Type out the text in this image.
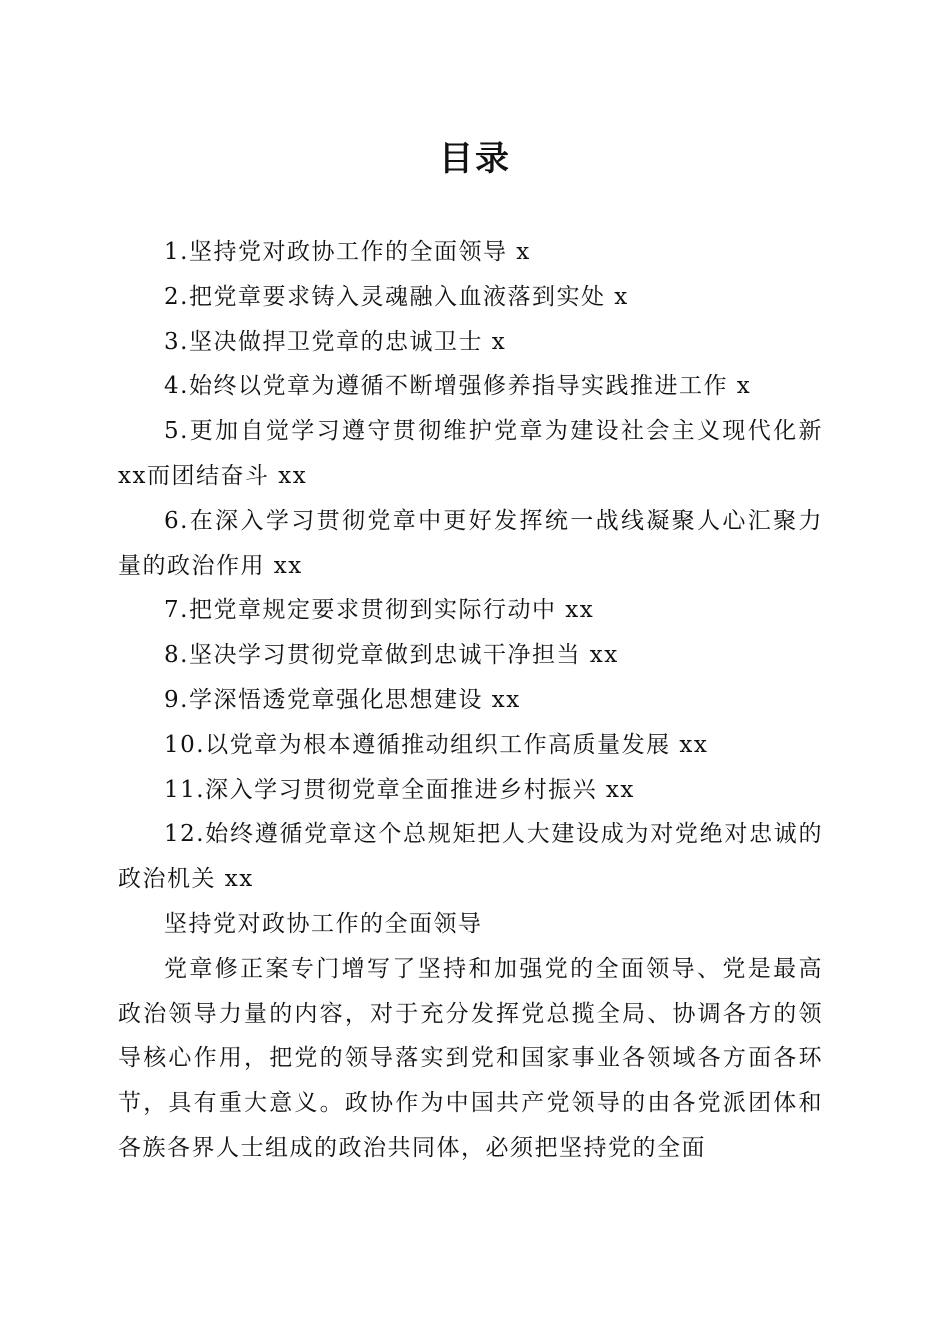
目录

1.坚持党对政协工作的全面领导 x

2.把党章要求铸入灵魂融入血液落到实处 x

3.坚决做捍卫党章的忠诚卫士 x

4.始终以党章为遵循不断增强修养指导实践推进工作 x

5.更加自觉学习遵守贯彻维护党章为建设社会主义现代化新xx而团结奋斗 xx

6.在深入学习贯彻党章中更好发挥统一战线凝聚人心汇聚力量的政治作用 xx

7.把党章规定要求贯彻到实际行动中 xx

8.坚决学习贯彻党章做到忠诚干净担当 xx

9.学深悟透党章强化思想建设 xx

10.以党章为根本遵循推动组织工作高质量发展 xx

11.深入学习贯彻党章全面推进乡村振兴 xx

12.始终遵循党章这个总规矩把人大建设成为对党绝对忠诚的政治机关 xx

坚持党对政协工作的全面领导

党章修正案专门增写了坚持和加强党的全面领导、党是最高政治领导力量的内容，对于充分发挥党总揽全局、协调各方的领导核心作用，把党的领导落实到党和国家事业各领域各方面各环节，具有重大意义。政协作为中国共产党领导的由各党派团体和各族各界人士组成的政治共同体，必须把坚持党的全面
